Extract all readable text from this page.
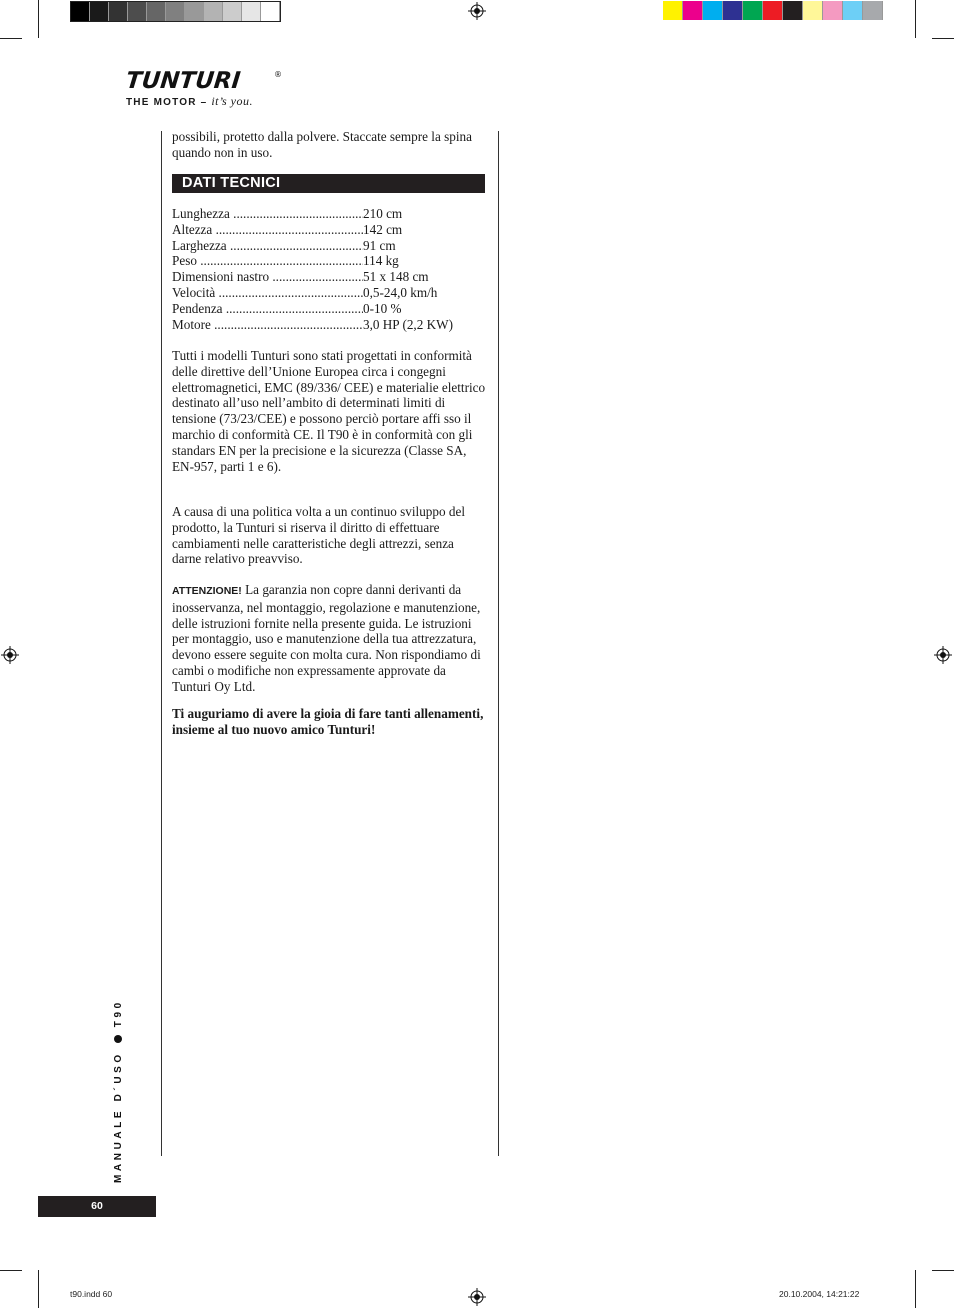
TUNTURI	®
THE MOTOR – it’s you.
possibili, protetto dalla polvere. Staccate sempre la spina quando non in uso.
DATI TECNICI
Lunghezza .....	210 cm
Altezza .....	142 cm
Larghezza .....	91 cm
Peso .....	114 kg
Dimensioni nastro .....	51 x 148 cm
Velocità .....	0,5-24,0 km/h
Pendenza .....	0-10 %
Motore .....	3,0 HP (2,2 KW)

Tutti i modelli Tunturi sono stati progettati in conformità delle direttive dell’Unione Europea circa i congegni elettromagnetici, EMC (89/336/ CEE) e materialie elettrico destinato all’uso nell’ambito di determinati limiti di tensione (73/23/CEE) e possono perciò portare affi sso il marchio di conformità CE. Il T90 è in conformità con gli standars EN per la precisione e la sicurezza (Classe SA, EN-957, parti 1 e 6).

A causa di una politica volta a un continuo sviluppo del prodotto, la Tunturi si riserva il diritto di effettuare cambiamenti nelle caratteristiche degli attrezzi, senza darne relativo preavviso.

ATTENZIONE! La garanzia non copre danni derivanti da inosservanza, nel montaggio, regolazione e manutenzione, delle istruzioni fornite nella presente guida. Le istruzioni per montaggio, uso e manutenzione della tua attrezzatura, devono essere seguite con molta cura. Non rispondiamo di cambi o modifiche non expressamente approvate da Tunturi Oy Ltd.

Ti auguriamo di avere la gioia di fare tanti allenamenti, insieme al tuo nuovo amico Tunturi!

MANUALE D´USOT90
60
t90.indd 60	20.10.2004, 14:21:22
